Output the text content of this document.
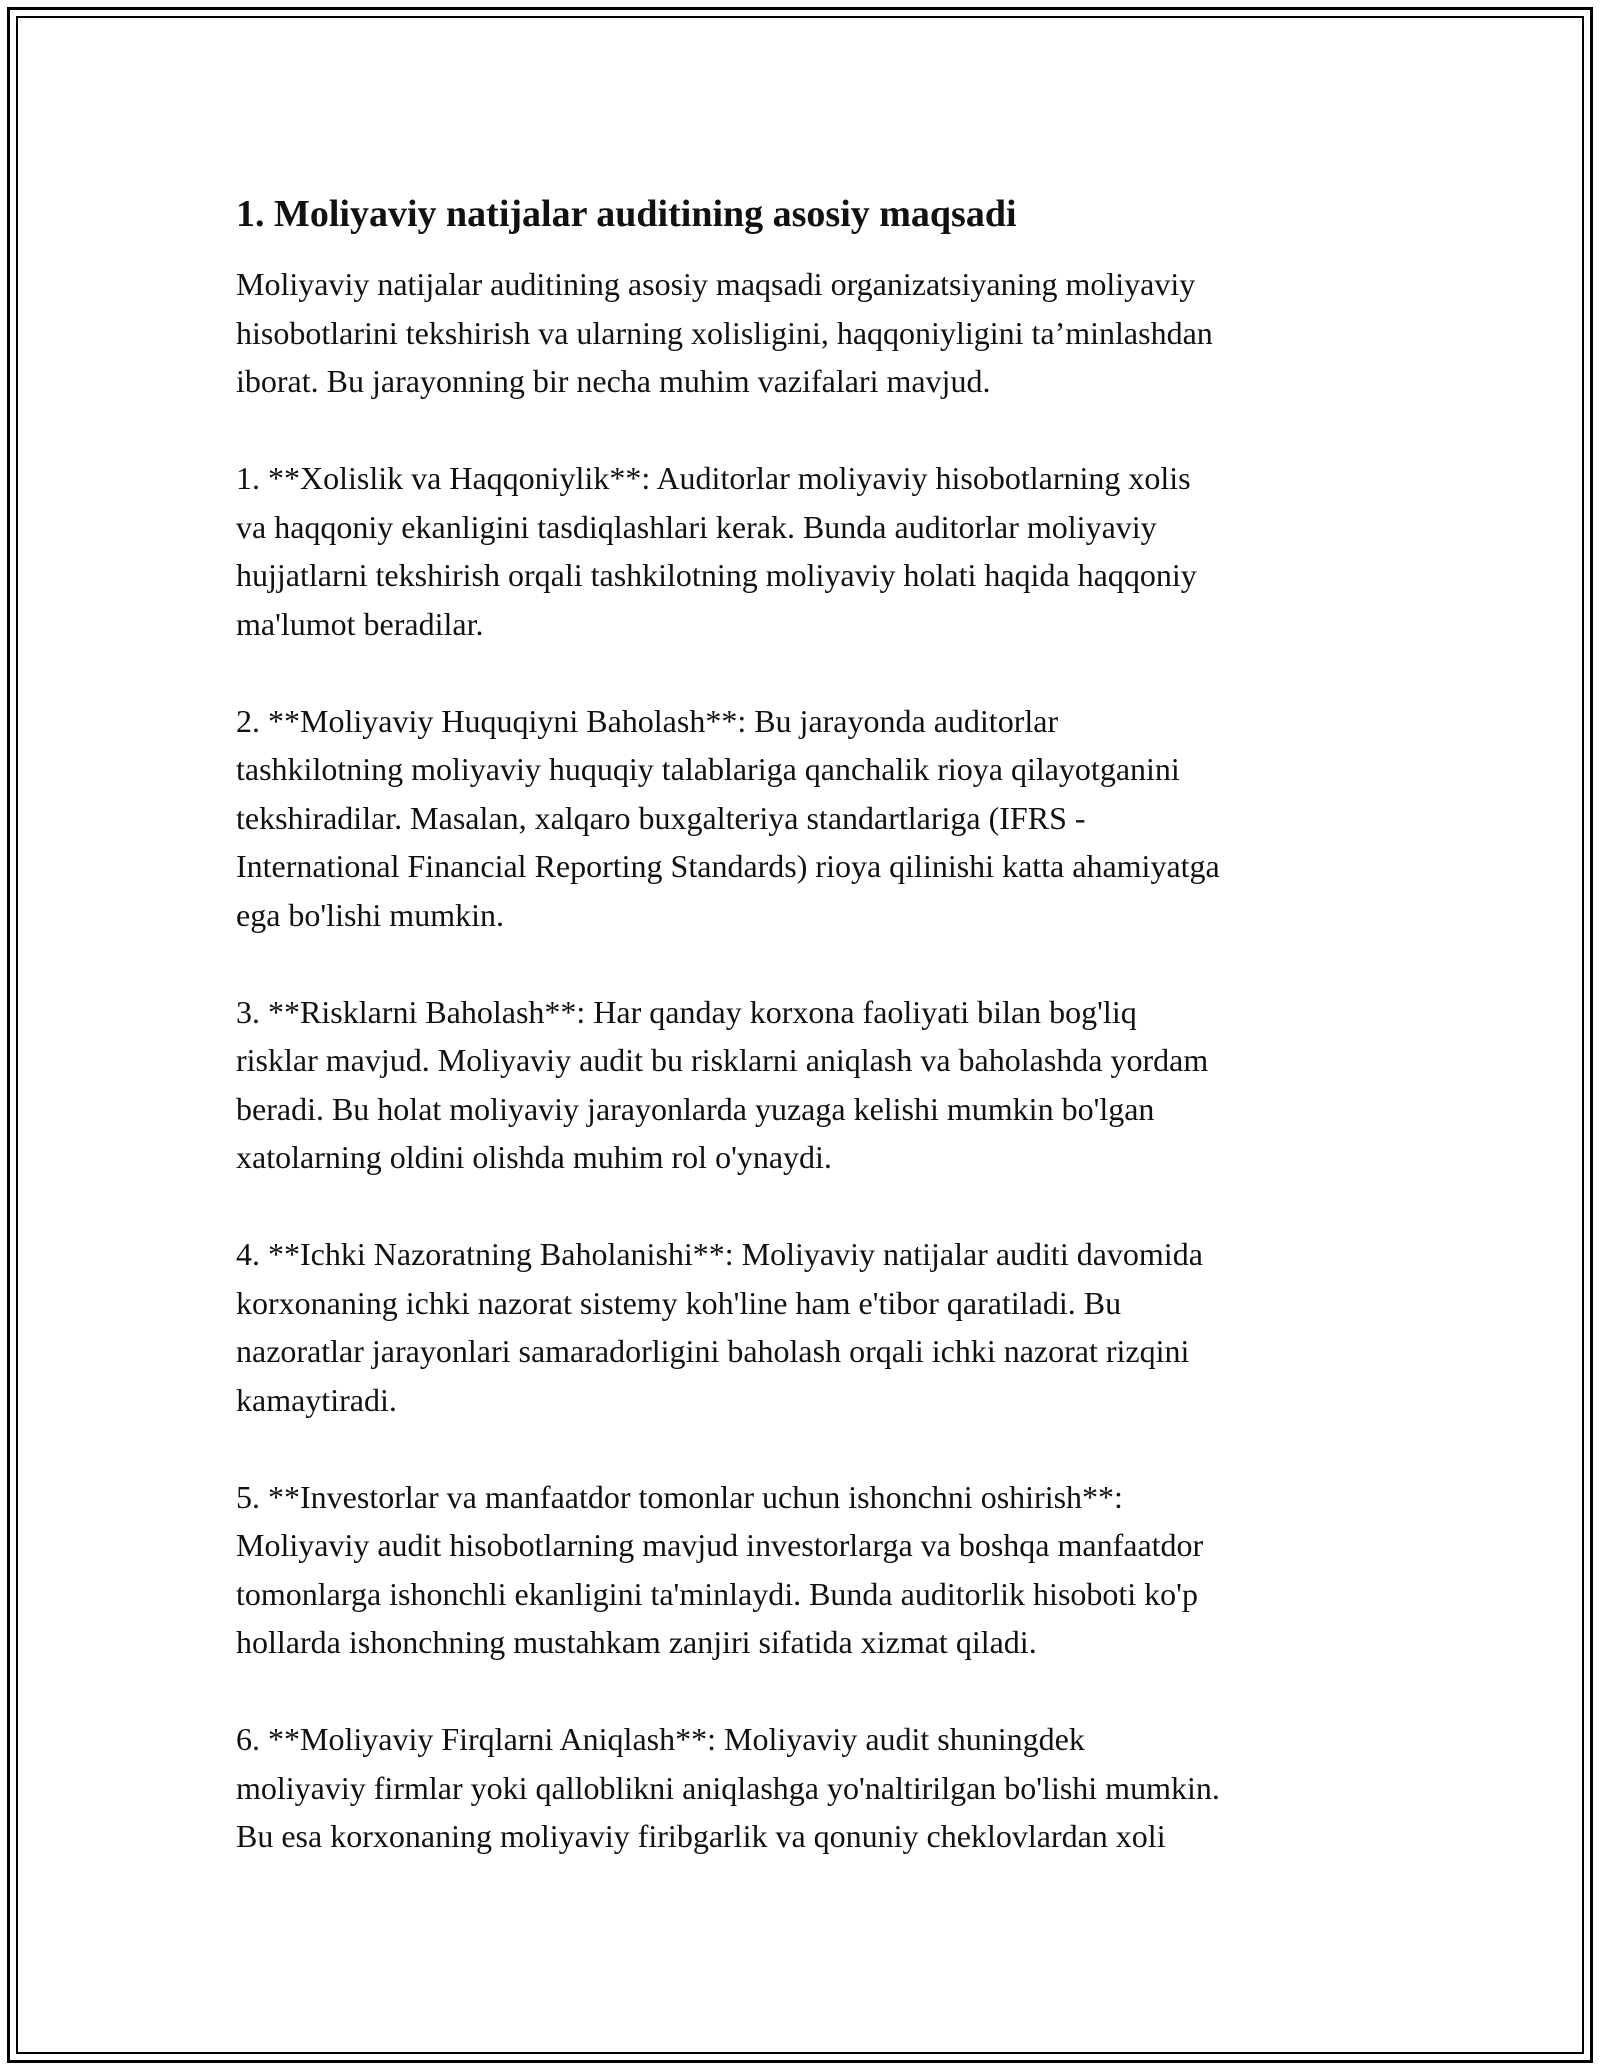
1. Moliyaviy natijalar auditining asosiy maqsadi

Moliyaviy natijalar auditining asosiy maqsadi organizatsiyaning moliyaviy
hisobotlarini tekshirish va ularning xolisligini, haqqoniyligini ta’minlashdan
iborat. Bu jarayonning bir necha muhim vazifalari mavjud.

1. **Xolislik va Haqqoniylik**: Auditorlar moliyaviy hisobotlarning xolis
va haqqoniy ekanligini tasdiqlashlari kerak. Bunda auditorlar moliyaviy
hujjatlarni tekshirish orqali tashkilotning moliyaviy holati haqida haqqoniy
ma'lumot beradilar.

2. **Moliyaviy Huquqiyni Baholash**: Bu jarayonda auditorlar
tashkilotning moliyaviy huquqiy talablariga qanchalik rioya qilayotganini
tekshiradilar. Masalan, xalqaro buxgalteriya standartlariga (IFRS -
International Financial Reporting Standards) rioya qilinishi katta ahamiyatga
ega bo'lishi mumkin.

3. **Risklarni Baholash**: Har qanday korxona faoliyati bilan bog'liq
risklar mavjud. Moliyaviy audit bu risklarni aniqlash va baholashda yordam
beradi. Bu holat moliyaviy jarayonlarda yuzaga kelishi mumkin bo'lgan
xatolarning oldini olishda muhim rol o'ynaydi.

4. **Ichki Nazoratning Baholanishi**: Moliyaviy natijalar auditi davomida
korxonaning ichki nazorat sistemy koh'line ham e'tibor qaratiladi. Bu
nazoratlar jarayonlari samaradorligini baholash orqali ichki nazorat rizqini
kamaytiradi.

5. **Investorlar va manfaatdor tomonlar uchun ishonchni oshirish**:
Moliyaviy audit hisobotlarning mavjud investorlarga va boshqa manfaatdor
tomonlarga ishonchli ekanligini ta'minlaydi. Bunda auditorlik hisoboti ko'p
hollarda ishonchning mustahkam zanjiri sifatida xizmat qiladi.

6. **Moliyaviy Firqlarni Aniqlash**: Moliyaviy audit shuningdek
moliyaviy firmlar yoki qalloblikni aniqlashga yo'naltirilgan bo'lishi mumkin.
Bu esa korxonaning moliyaviy firibgarlik va qonuniy cheklovlardan xoli
